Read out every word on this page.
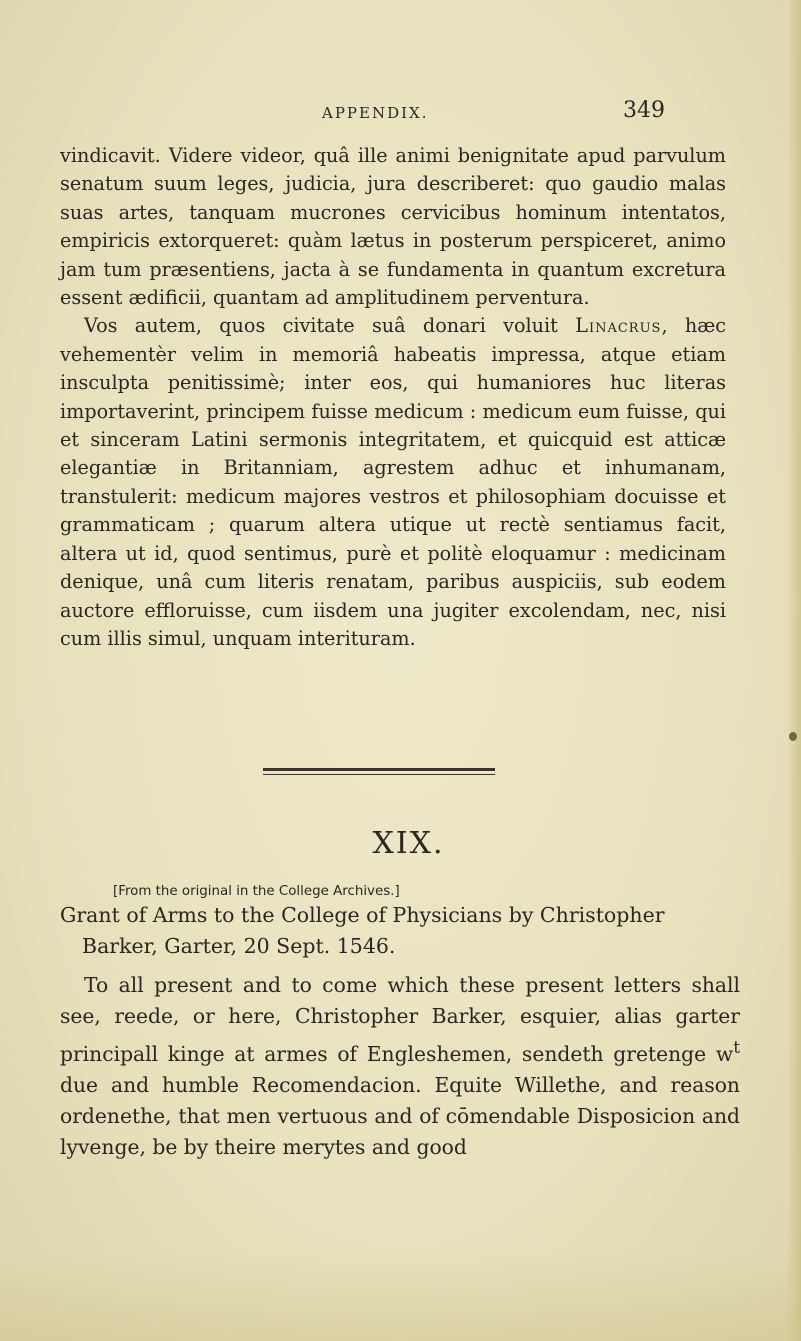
APPENDIX.	349

vindicavit. Videre videor, quâ ille animi benignitate apud parvulum senatum suum leges, judicia, jura describeret: quo gaudio malas suas artes, tanquam mucrones cervicibus hominum intentatos, empiricis extorqueret: quàm lætus in posterum perspiceret, animo jam tum præsentiens, jacta à se fundamenta in quantum excretura essent ædificii, quantam ad amplitudinem perventura.

Vos autem, quos civitate suâ donari voluit Linacrus, hæc vehementèr velim in memoriâ habeatis impressa, atque etiam insculpta penitissimè; inter eos, qui humaniores huc literas importaverint, principem fuisse medicum : medicum eum fuisse, qui et sinceram Latini sermonis integritatem, et quicquid est atticæ elegantiæ in Britanniam, agrestem adhuc et inhumanam, transtulerit: medicum majores vestros et philosophiam docuisse et grammaticam ; quarum altera utique ut rectè sentiamus facit, altera ut id, quod sentimus, purè et politè eloquamur : medicinam denique, unâ cum literis renatam, paribus auspiciis, sub eodem auctore effloruisse, cum iisdem una jugiter excolendam, nec, nisi cum illis simul, unquam interituram.

XIX.
[From the original in the College Archives.]

Grant of Arms to the College of Physicians by Christopher

Barker, Garter, 20 Sept. 1546.

To all present and to come which these present letters shall see, reede, or here, Christopher Barker, esquier, alias garter principall kinge at armes of Engleshemen, sendeth gretenge $w^t$ due and humble Recomendacion. Equite Willethe, and reason ordenethe, that men vertuous and of cōmendable Disposicion and lyvenge, be by theire merytes and good
